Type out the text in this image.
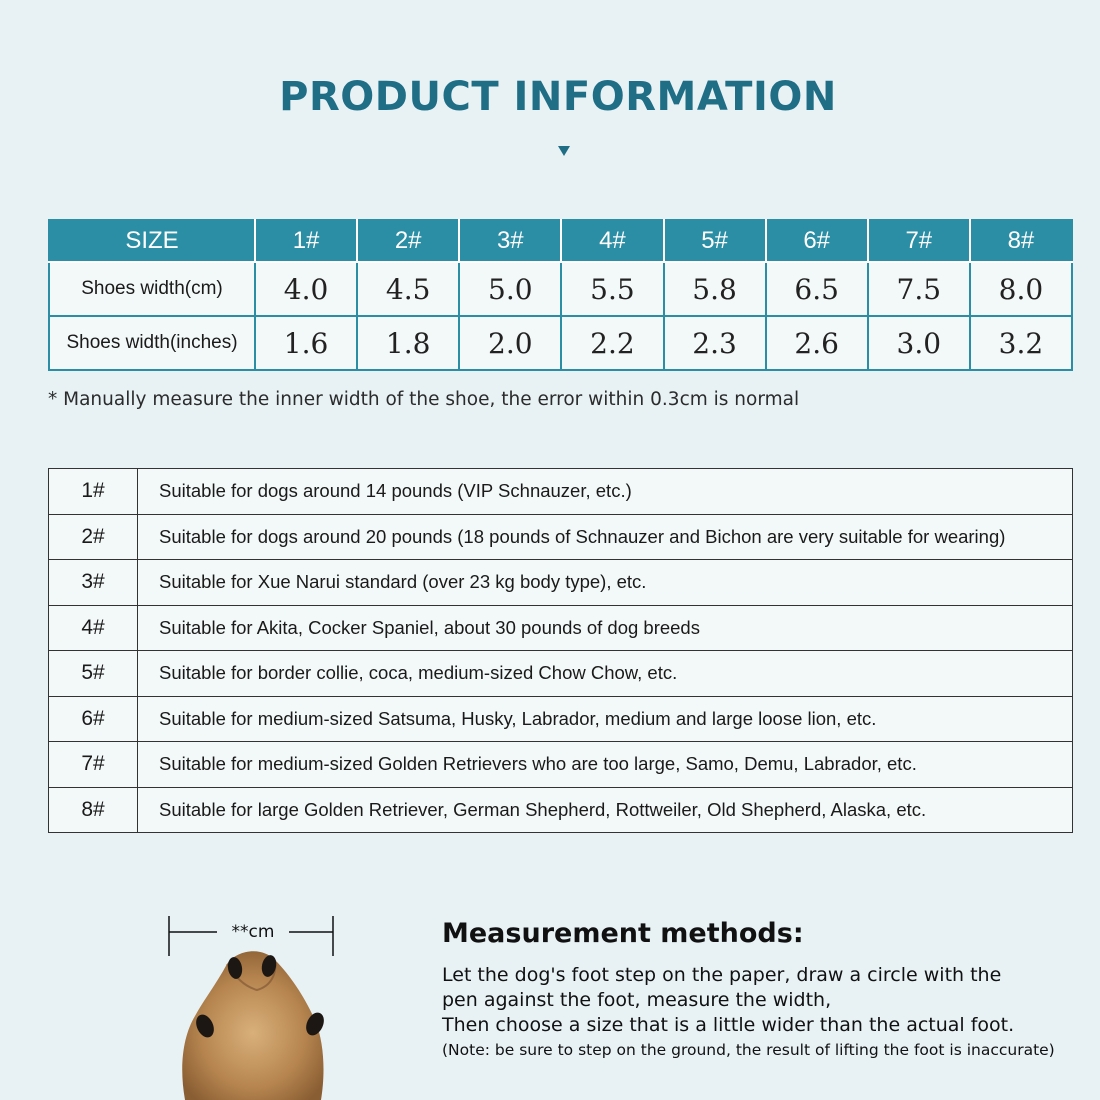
PRODUCT INFORMATION
SIZE	1#	2#	3#	4#	5#	6#	7#	8#
Shoes width(cm)	4.0	4.5	5.0	5.5	5.8	6.5	7.5	8.0
Shoes width(inches)	1.6	1.8	2.0	2.2	2.3	2.6	3.0	3.2
* Manually measure the inner width of the shoe, the error within 0.3cm is normal
1#	Suitable for dogs around 14 pounds (VIP Schnauzer, etc.)
2#	Suitable for dogs around 20 pounds (18 pounds of Schnauzer and Bichon are very suitable for wearing)
3#	Suitable for Xue Narui standard (over 23 kg body type), etc.
4#	Suitable for Akita, Cocker Spaniel, about 30 pounds of dog breeds
5#	Suitable for border collie, coca, medium-sized Chow Chow, etc.
6#	Suitable for medium-sized Satsuma, Husky, Labrador, medium and large loose lion, etc.
7#	Suitable for medium-sized Golden Retrievers who are too large, Samo, Demu, Labrador, etc.
8#	Suitable for large Golden Retriever, German Shepherd, Rottweiler, Old Shepherd, Alaska, etc.
**cm	Measurement methods:
Let the dog's foot step on the paper, draw a circle with the
pen against the foot, measure the width,
Then choose a size that is a little wider than the actual foot.
(Note: be sure to step on the ground, the result of lifting the foot is inaccurate)
